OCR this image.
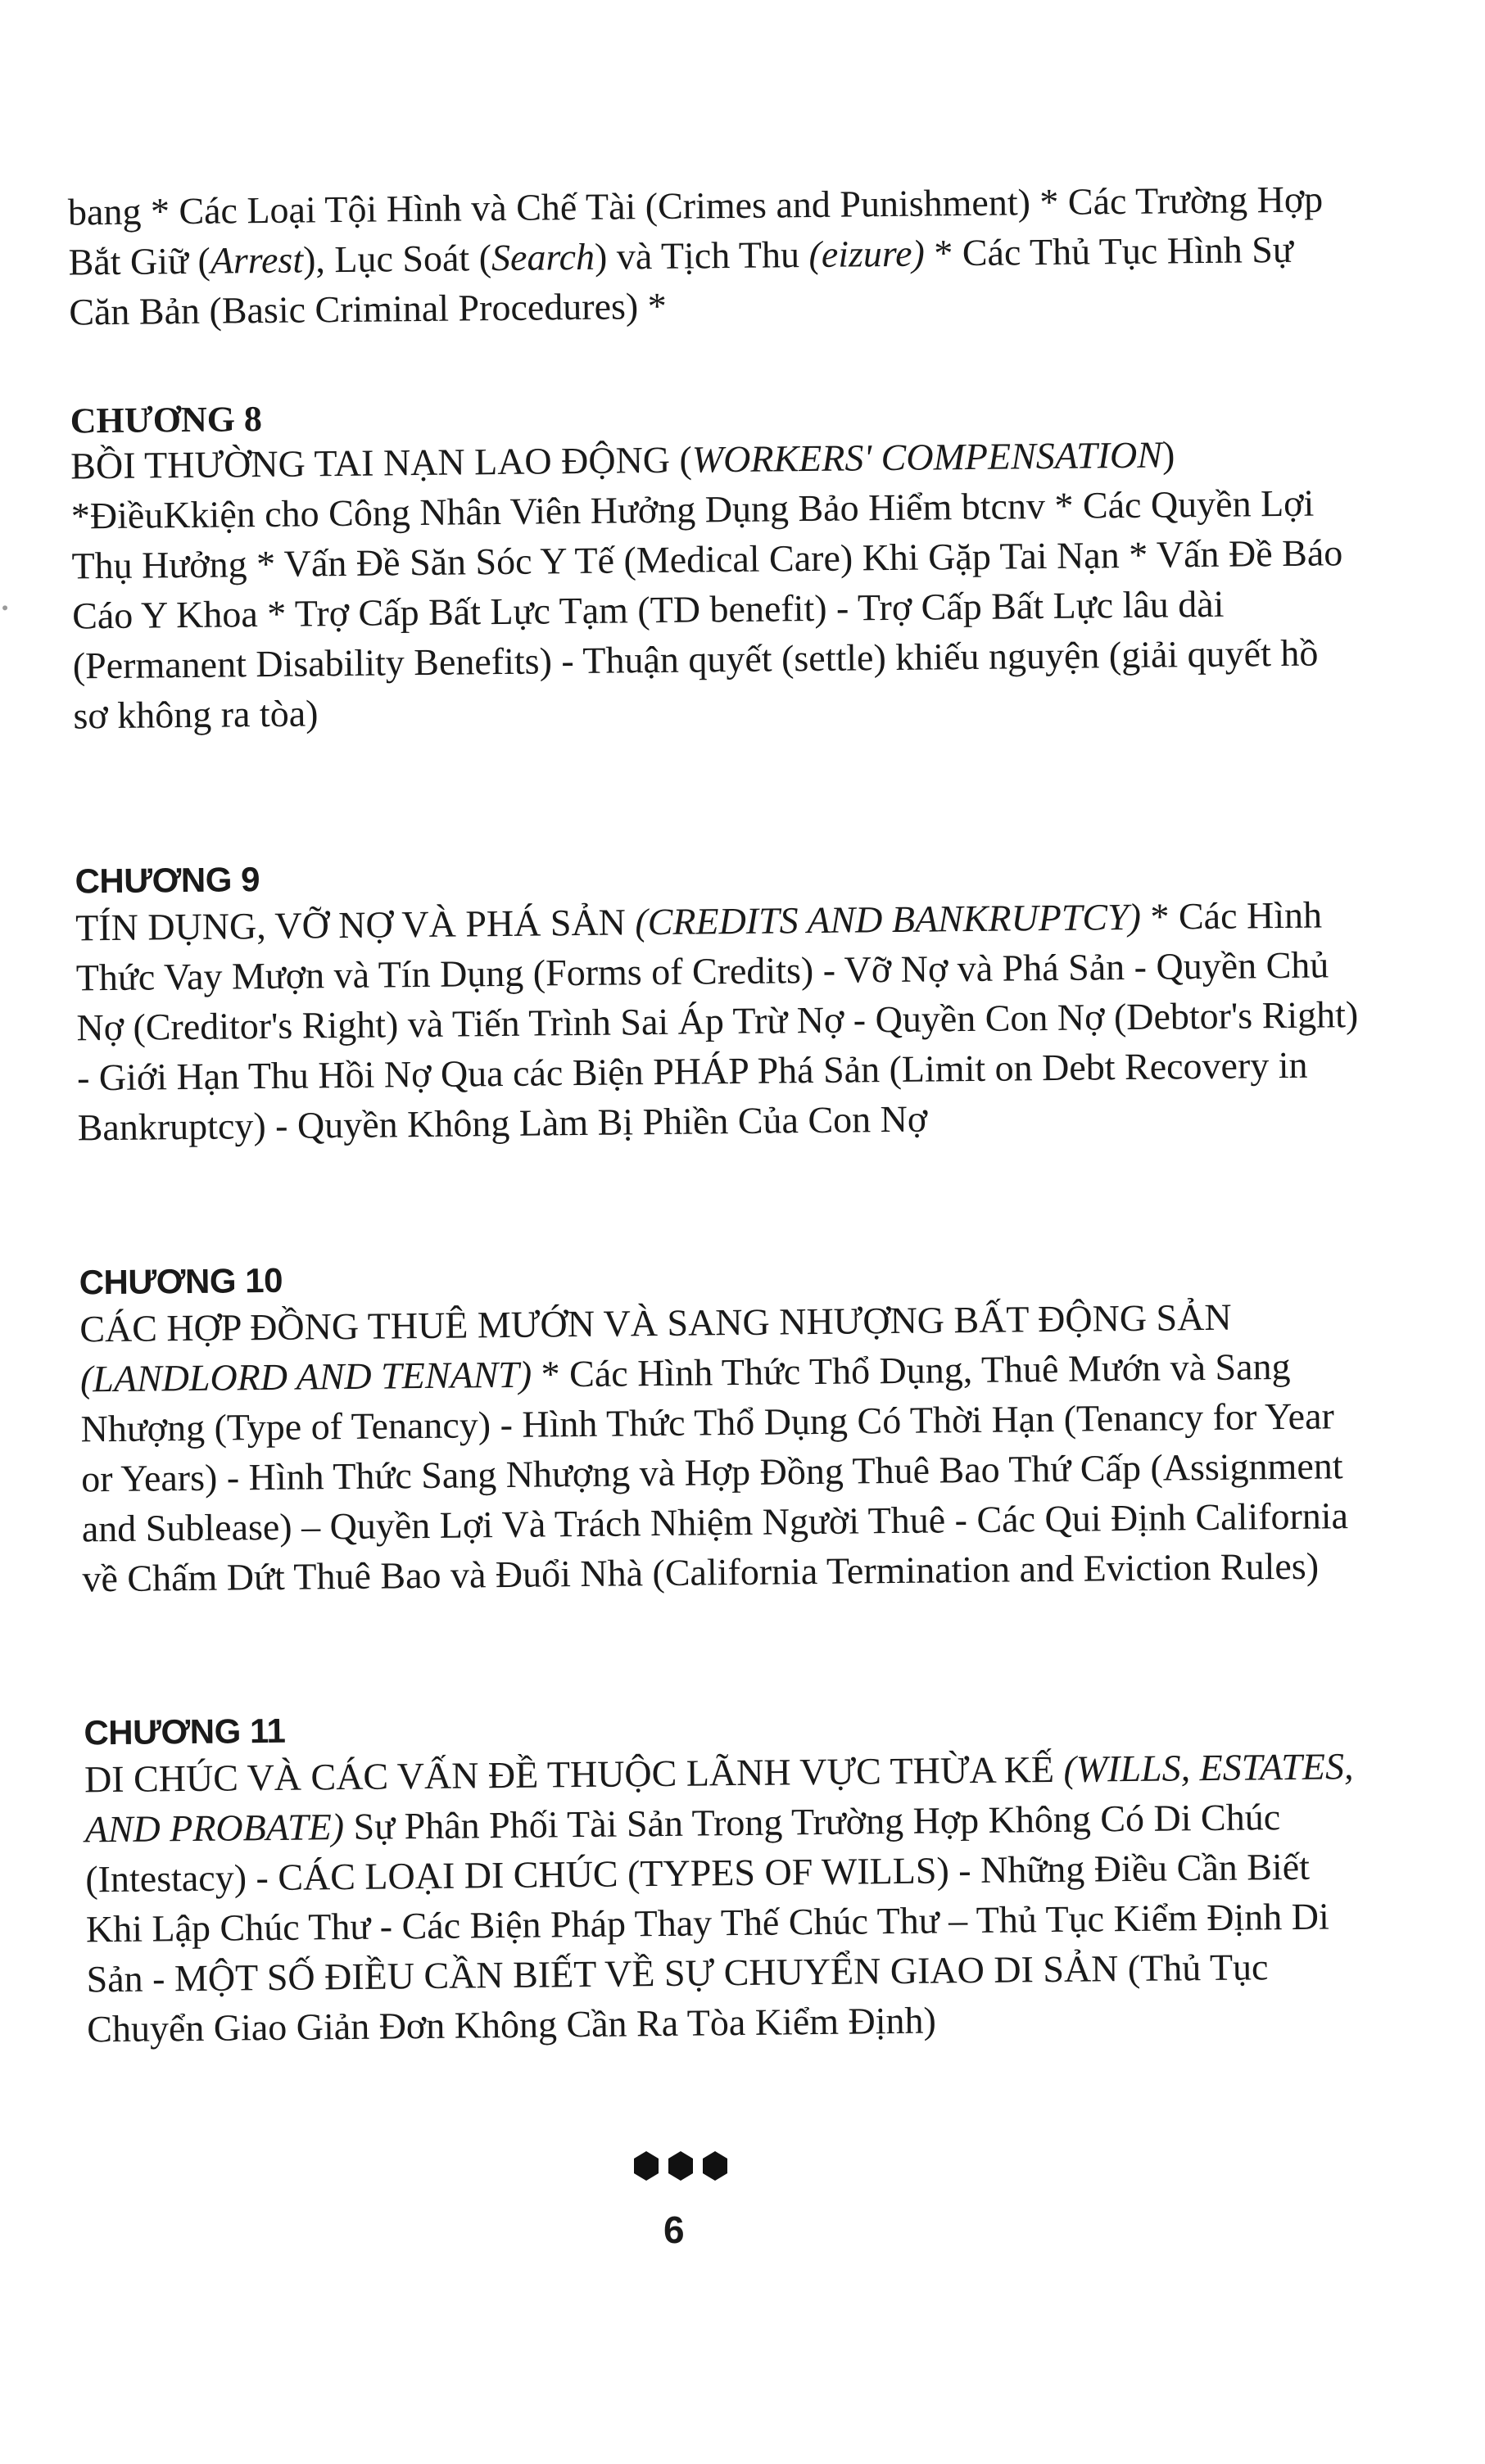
bang * Các Loại Tội Hình và Chế Tài (Crimes and Punishment) * Các Trường Hợp Bắt Giữ (Arrest), Lục Soát (Search) và Tịch Thu (eizure) * Các Thủ Tục Hình Sự Căn Bản (Basic Criminal Procedures) *

CHƯƠNG 8

BỒI THƯỜNG TAI NẠN LAO ĐỘNG (WORKERS' COMPENSATION) *ĐiềuKkiện cho Công Nhân Viên Hưởng Dụng Bảo Hiểm btcnv * Các Quyền Lợi Thụ Hưởng * Vấn Đề Săn Sóc Y Tế (Medical Care) Khi Gặp Tai Nạn * Vấn Đề Báo Cáo Y Khoa * Trợ Cấp Bất Lực Tạm (TD benefit) - Trợ Cấp Bất Lực lâu dài (Permanent Disability Benefits) - Thuận quyết (settle) khiếu nguyện (giải quyết hồ sơ không ra tòa)

CHƯƠNG 9

TÍN DỤNG, VỠ NỢ VÀ PHÁ SẢN (CREDITS AND BANKRUPTCY) * Các Hình Thức Vay Mượn và Tín Dụng (Forms of Credits) - Vỡ Nợ và Phá Sản - Quyền Chủ Nợ (Creditor's Right) và Tiến Trình Sai Áp Trừ Nợ - Quyền Con Nợ (Debtor's Right) - Giới Hạn Thu Hồi Nợ Qua các Biện PHÁP Phá Sản (Limit on Debt Recovery in Bankruptcy) - Quyền Không Làm Bị Phiền Của Con Nợ

CHƯƠNG 10

CÁC HỢP ĐỒNG THUÊ MƯỚN VÀ SANG NHƯỢNG BẤT ĐỘNG SẢN (LANDLORD AND TENANT) * Các Hình Thức Thổ Dụng, Thuê Mướn và Sang Nhượng (Type of Tenancy) - Hình Thức Thổ Dụng Có Thời Hạn (Tenancy for Year or Years) - Hình Thức Sang Nhượng và Hợp Đồng Thuê Bao Thứ Cấp (Assignment and Sublease) – Quyền Lợi Và Trách Nhiệm Người Thuê - Các Qui Định California về Chấm Dứt Thuê Bao và Đuổi Nhà (California Termination and Eviction Rules)

CHƯƠNG 11

DI CHÚC VÀ CÁC VẤN ĐỀ THUỘC LÃNH VỰC THỪA KẾ (WILLS, ESTATES, AND PROBATE) Sự Phân Phối Tài Sản Trong Trường Hợp Không Có Di Chúc (Intestacy) - CÁC LOẠI DI CHÚC (TYPES OF WILLS) - Những Điều Cần Biết Khi Lập Chúc Thư - Các Biện Pháp Thay Thế Chúc Thư – Thủ Tục Kiểm Định Di Sản - MỘT SỐ ĐIỀU CẦN BIẾT VỀ SỰ CHUYỂN GIAO DI SẢN (Thủ Tục Chuyển Giao Giản Đơn Không Cần Ra Tòa Kiểm Định)

6
